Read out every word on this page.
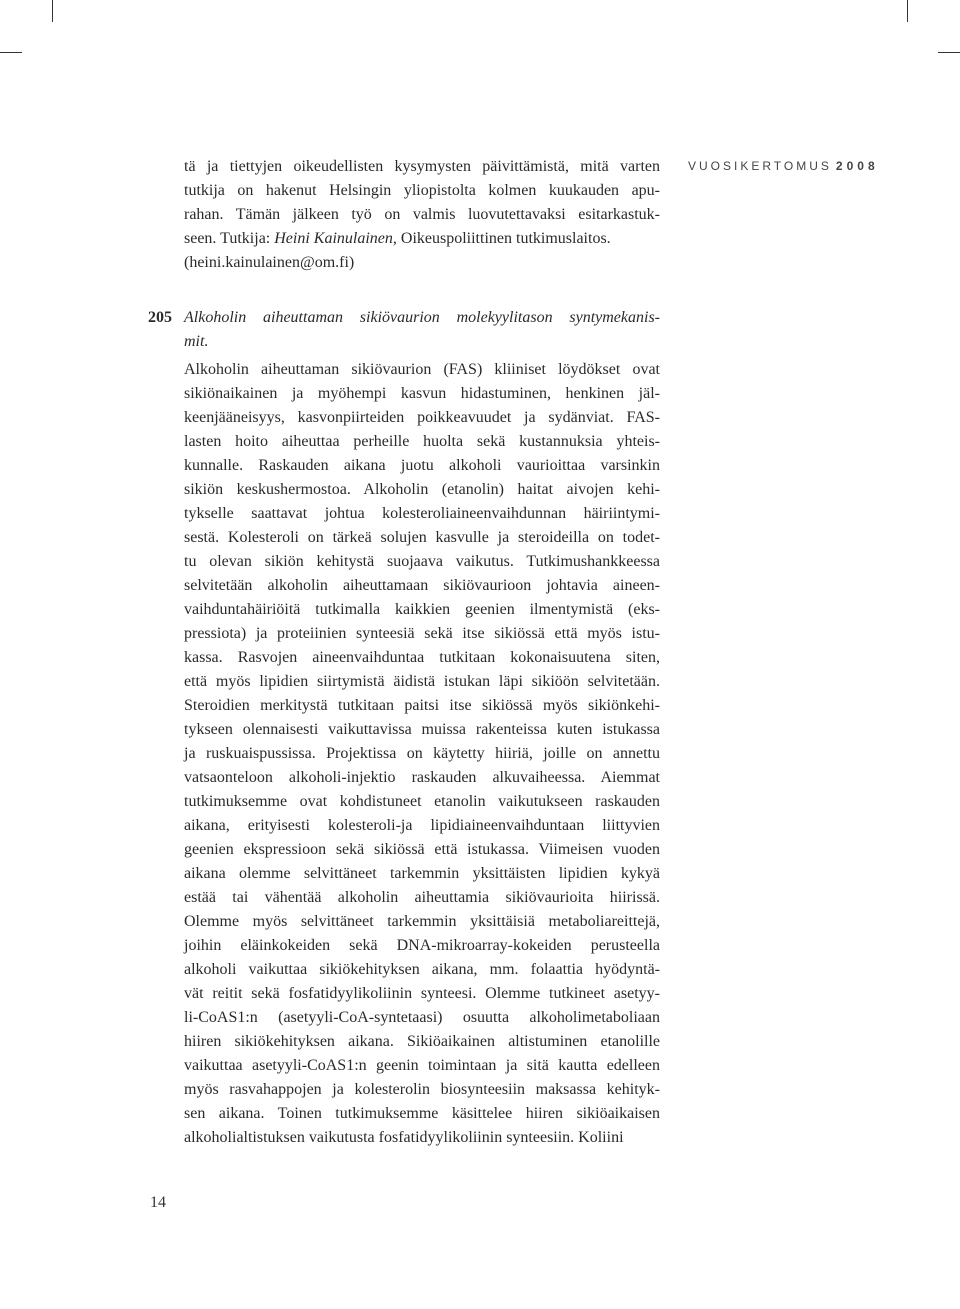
VUOSIKERTOMUS 2008
tä ja tiettyjen oikeudellisten kysymysten päivittämistä, mitä varten
tutkija on hakenut Helsingin yliopistolta kolmen kuukauden apu-
rahan. Tämän jälkeen työ on valmis luovutettavaksi esitarkastuk-
seen. Tutkija: Heini Kainulainen, Oikeuspoliittinen tutkimuslaitos.
(heini.kainulainen@om.fi)
205 Alkoholin aiheuttaman sikiövaurion molekyylitason syntymekanis-
mit.
Alkoholin aiheuttaman sikiövaurion (FAS) kliiniset löydökset ovat
sikiönaikainen ja myöhempi kasvun hidastuminen, henkinen jäl-
keenjääneisyys, kasvonpiirteiden poikkeavuudet ja sydänviat. FAS-
lasten hoito aiheuttaa perheille huolta sekä kustannuksia yhteis-
kunnalle. Raskauden aikana juotu alkoholi vaurioittaa varsinkin
sikiön keskushermostoa. Alkoholin (etanolin) haitat aivojen kehi-
tykselle saattavat johtua kolesteroliaineenvaihdunnan häiriintymi-
sestä. Kolesteroli on tärkeä solujen kasvulle ja steroideilla on todet-
tu olevan sikiön kehitystä suojaava vaikutus. Tutkimushankkeessa
selvitetään alkoholin aiheuttamaan sikiövaurioon johtavia aineen-
vaihduntahäiriöitä tutkimalla kaikkien geenien ilmentymistä (eks-
pressiota) ja proteiinien synteesiä sekä itse sikiössä että myös istu-
kassa. Rasvojen aineenvaihduntaa tutkitaan kokonaisuutena siten,
että myös lipidien siirtymistä äidistä istukan läpi sikiöön selvitetään.
Steroidien merkitystä tutkitaan paitsi itse sikiössä myös sikiönkehi-
tykseen olennaisesti vaikuttavissa muissa rakenteissa kuten istukassa
ja ruskuaispussissa. Projektissa on käytetty hiiriä, joille on annettu
vatsaonteloon alkoholi-injektio raskauden alkuvaiheessa. Aiemmat
tutkimuksemme ovat kohdistuneet etanolin vaikutukseen raskauden
aikana, erityisesti kolesteroli-ja lipidiaineenvaihduntaan liittyvien
geenien ekspressioon sekä sikiössä että istukassa. Viimeisen vuoden
aikana olemme selvittäneet tarkemmin yksittäisten lipidien kykyä
estää tai vähentää alkoholin aiheuttamia sikiövaurioita hiirissä.
Olemme myös selvittäneet tarkemmin yksittäisiä metaboliareittejä,
joihin eläinkokeiden sekä DNA-mikroarray-kokeiden perusteella
alkoholi vaikuttaa sikiökehityksen aikana, mm. folaattia hyödyntä-
vät reitit sekä fosfatidyylikoliinin synteesi. Olemme tutkineet asetyy-
li-CoAS1:n (asetyyli-CoA-syntetaasi) osuutta alkoholimetaboliaan
hiiren sikiökehityksen aikana. Sikiöaikainen altistuminen etanolille
vaikuttaa asetyyli-CoAS1:n geenin toimintaan ja sitä kautta edelleen
myös rasvahappojen ja kolesterolin biosynteesiin maksassa kehityk-
sen aikana. Toinen tutkimuksemme käsittelee hiiren sikiöaikaisen
alkoholialtistuksen vaikutusta fosfatidyylikoliinin synteesiin. Koliini
14
